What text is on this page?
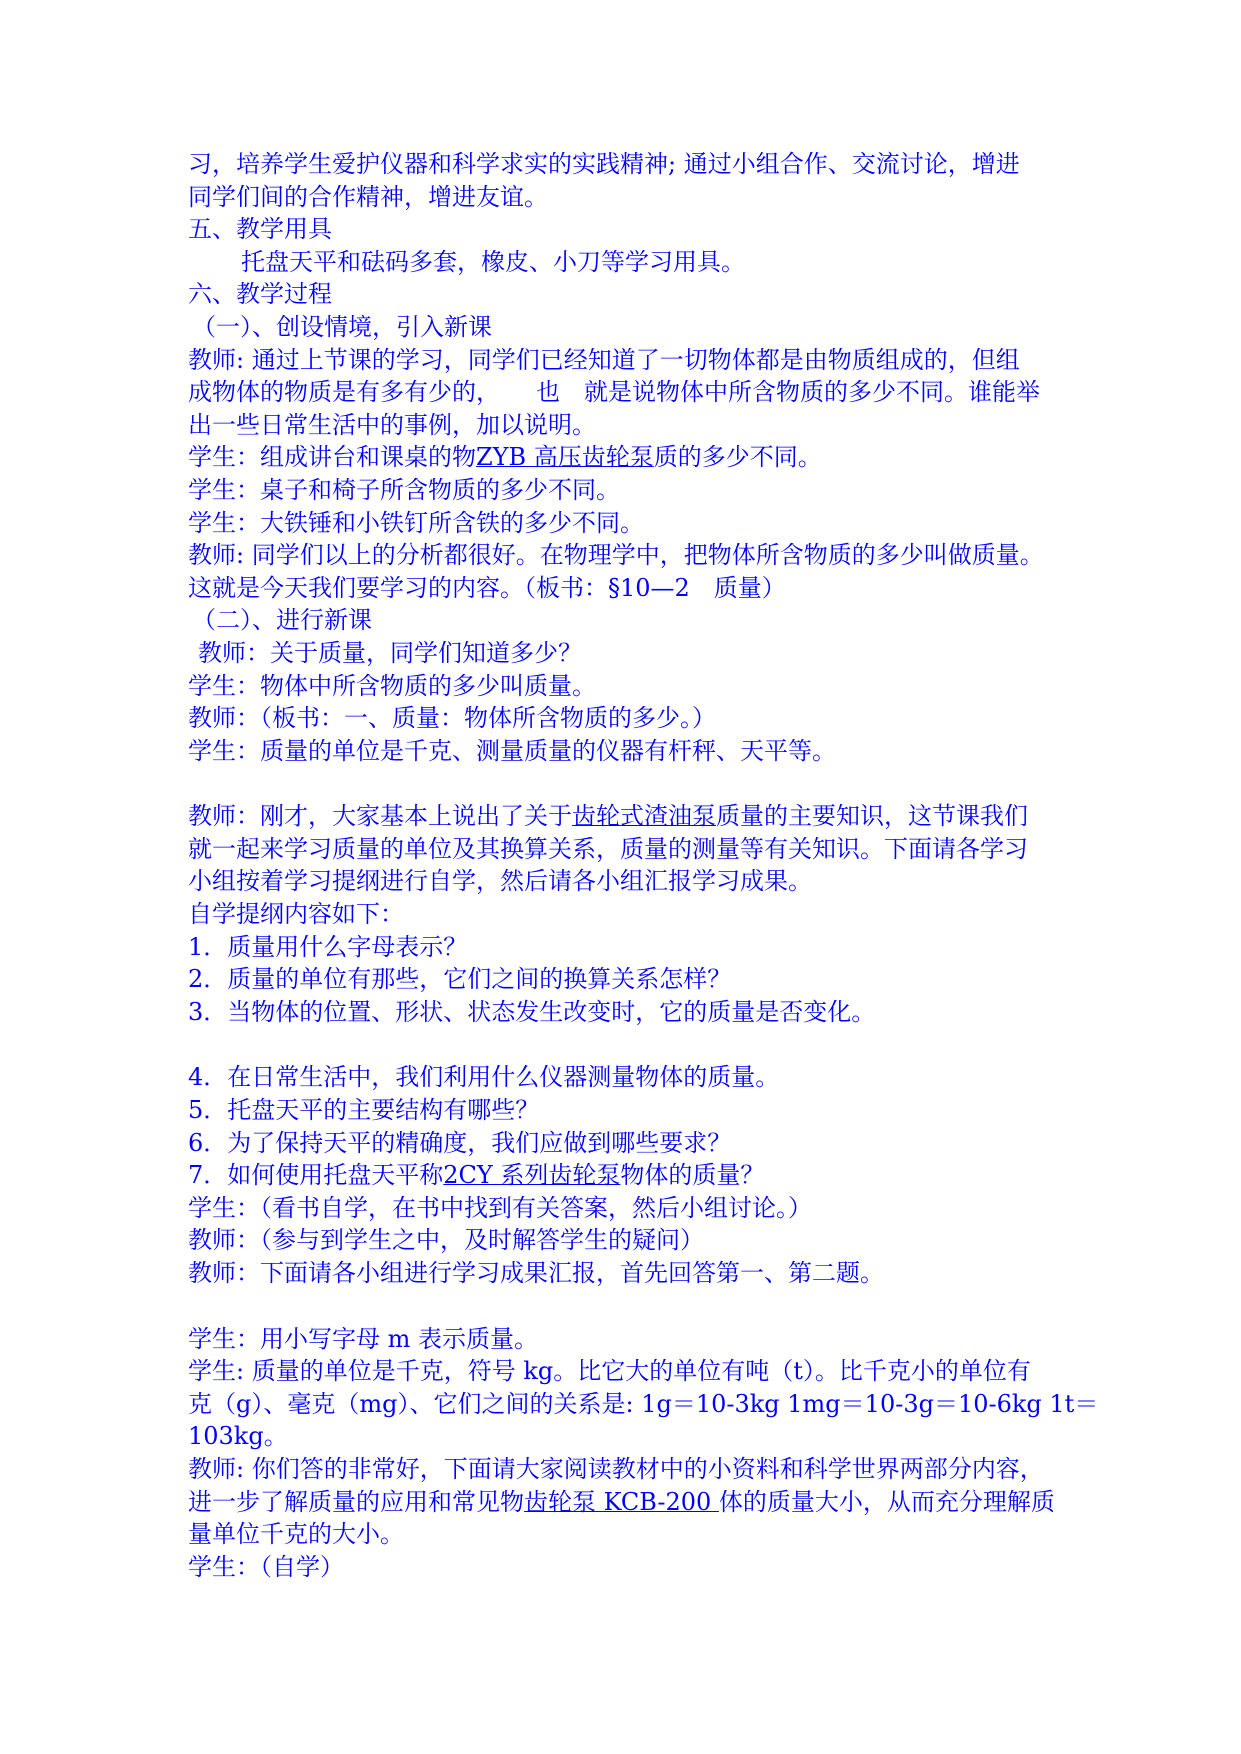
习，培养学生爱护仪器和科学求实的实践精神; 通过小组合作、交流讨论，增进

同学们间的合作精神，增进友谊。

五、教学用具

托盘天平和砝码多套，橡皮、小刀等学习用具。

六、教学过程

（一）、创设情境，引入新课

教师: 通过上节课的学习，同学们已经知道了一切物体都是由物质组成的，但组

成物体的物质是有多有少的，　　也　就是说物体中所含物质的多少不同。谁能举

出一些日常生活中的事例，加以说明。

学生：组成讲台和课桌的物ZYB 高压齿轮泵质的多少不同。

学生：桌子和椅子所含物质的多少不同。

学生：大铁锤和小铁钉所含铁的多少不同。

教师: 同学们以上的分析都很好。在物理学中，把物体所含物质的多少叫做质量。

这就是今天我们要学习的内容。（板书：§10—2　质量）

（二）、进行新课

教师：关于质量，同学们知道多少？

学生：物体中所含物质的多少叫质量。

教师：（板书：一、质量：物体所含物质的多少。）

学生：质量的单位是千克、测量质量的仪器有杆秤、天平等。

教师：刚才，大家基本上说出了关于齿轮式渣油泵质量的主要知识，这节课我们

就一起来学习质量的单位及其换算关系，质量的测量等有关知识。下面请各学习

小组按着学习提纲进行自学，然后请各小组汇报学习成果。

自学提纲内容如下：

1．质量用什么字母表示？

2．质量的单位有那些，它们之间的换算关系怎样？

3．当物体的位置、形状、状态发生改变时，它的质量是否变化。

4．在日常生活中，我们利用什么仪器测量物体的质量。

5．托盘天平的主要结构有哪些？

6．为了保持天平的精确度，我们应做到哪些要求？

7．如何使用托盘天平称2CY 系列齿轮泵物体的质量？

学生：（看书自学，在书中找到有关答案，然后小组讨论。）

教师：（参与到学生之中，及时解答学生的疑问）

教师：下面请各小组进行学习成果汇报，首先回答第一、第二题。

学生：用小写字母 m 表示质量。

学生: 质量的单位是千克，符号 kg。比它大的单位有吨（t）。比千克小的单位有

克（g）、毫克（mg）、它们之间的关系是: 1g＝10-3kg 1mg＝10-3g＝10-6kg 1t＝

103kg。

教师: 你们答的非常好，下面请大家阅读教材中的小资料和科学世界两部分内容，

进一步了解质量的应用和常见物齿轮泵 KCB-200 体的质量大小，从而充分理解质

量单位千克的大小。

学生：（自学）
